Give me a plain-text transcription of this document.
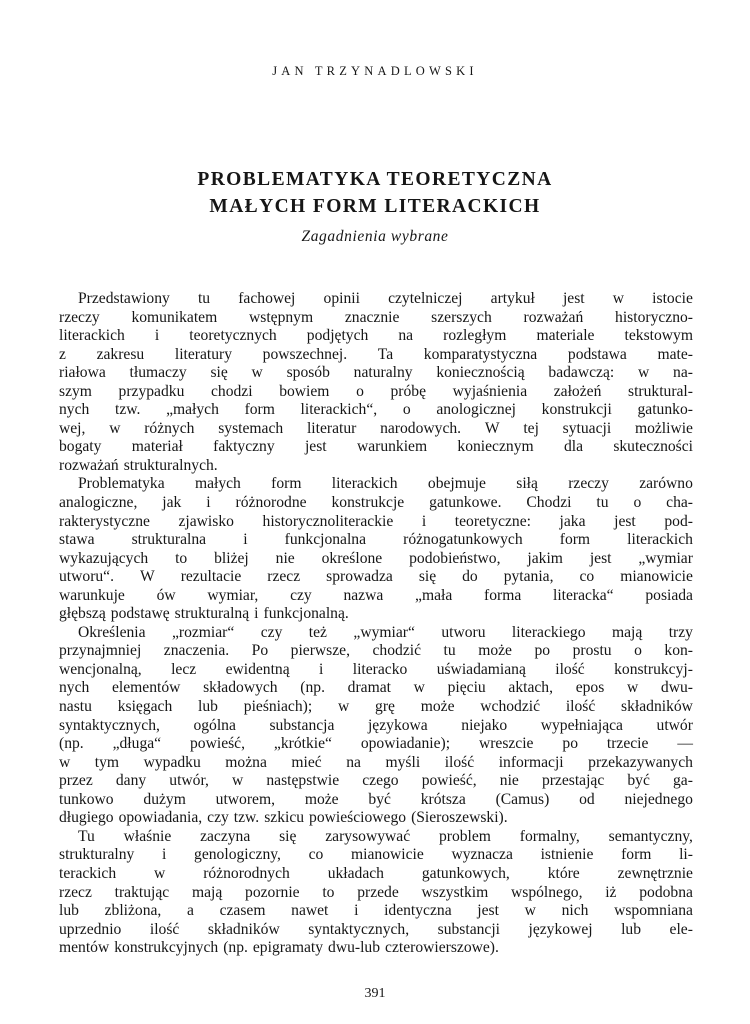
JAN TRZYNADLOWSKI
PROBLEMATYKA TEORETYCZNA
MAŁYCH FORM LITERACKICH
Zagadnienia wybrane
Przedstawiony tu fachowej opinii czytelniczej artykuł jest w istocie
rzeczy komunikatem wstępnym znacznie szerszych rozważań historyczno-
literackich i teoretycznych podjętych na rozległym materiale tekstowym
z zakresu literatury powszechnej. Ta komparatystyczna podstawa mate-
riałowa tłumaczy się w sposób naturalny koniecznością badawczą: w na-
szym przypadku chodzi bowiem o próbę wyjaśnienia założeń struktural-
nych tzw. „małych form literackich“, o anologicznej konstrukcji gatunko-
wej, w różnych systemach literatur narodowych. W tej sytuacji możliwie
bogaty materiał faktyczny jest warunkiem koniecznym dla skuteczności
rozważań strukturalnych.
Problematyka małych form literackich obejmuje siłą rzeczy zarówno
analogiczne, jak i różnorodne konstrukcje gatunkowe. Chodzi tu o cha-
rakterystyczne zjawisko historycznoliterackie i teoretyczne: jaka jest pod-
stawa strukturalna i funkcjonalna różnogatunkowych form literackich
wykazujących to bliżej nie określone podobieństwo, jakim jest „wymiar
utworu“. W rezultacie rzecz sprowadza się do pytania, co mianowicie
warunkuje ów wymiar, czy nazwa „mała forma literacka“ posiada
głębszą podstawę strukturalną i funkcjonalną.
Określenia „rozmiar“ czy też „wymiar“ utworu literackiego mają trzy
przynajmniej znaczenia. Po pierwsze, chodzić tu może po prostu o kon-
wencjonalną, lecz ewidentną i literacko uświadamianą ilość konstrukcyj-
nych elementów składowych (np. dramat w pięciu aktach, epos w dwu-
nastu księgach lub pieśniach); w grę może wchodzić ilość składników
syntaktycznych, ogólna substancja językowa niejako wypełniająca utwór
(np. „długa“ powieść, „krótkie“ opowiadanie); wreszcie po trzecie —
w tym wypadku można mieć na myśli ilość informacji przekazywanych
przez dany utwór, w następstwie czego powieść, nie przestając być ga-
tunkowo dużym utworem, może być krótsza (Camus) od niejednego
długiego opowiadania, czy tzw. szkicu powieściowego (Sieroszewski).
Tu właśnie zaczyna się zarysowywać problem formalny, semantyczny,
strukturalny i genologiczny, co mianowicie wyznacza istnienie form li-
terackich w różnorodnych układach gatunkowych, które zewnętrznie
rzecz traktując mają pozornie to przede wszystkim wspólnego, iż podobna
lub zbliżona, a czasem nawet i identyczna jest w nich wspomniana
uprzednio ilość składników syntaktycznych, substancji językowej lub ele-
mentów konstrukcyjnych (np. epigramaty dwu-lub czterowierszowe).
391
